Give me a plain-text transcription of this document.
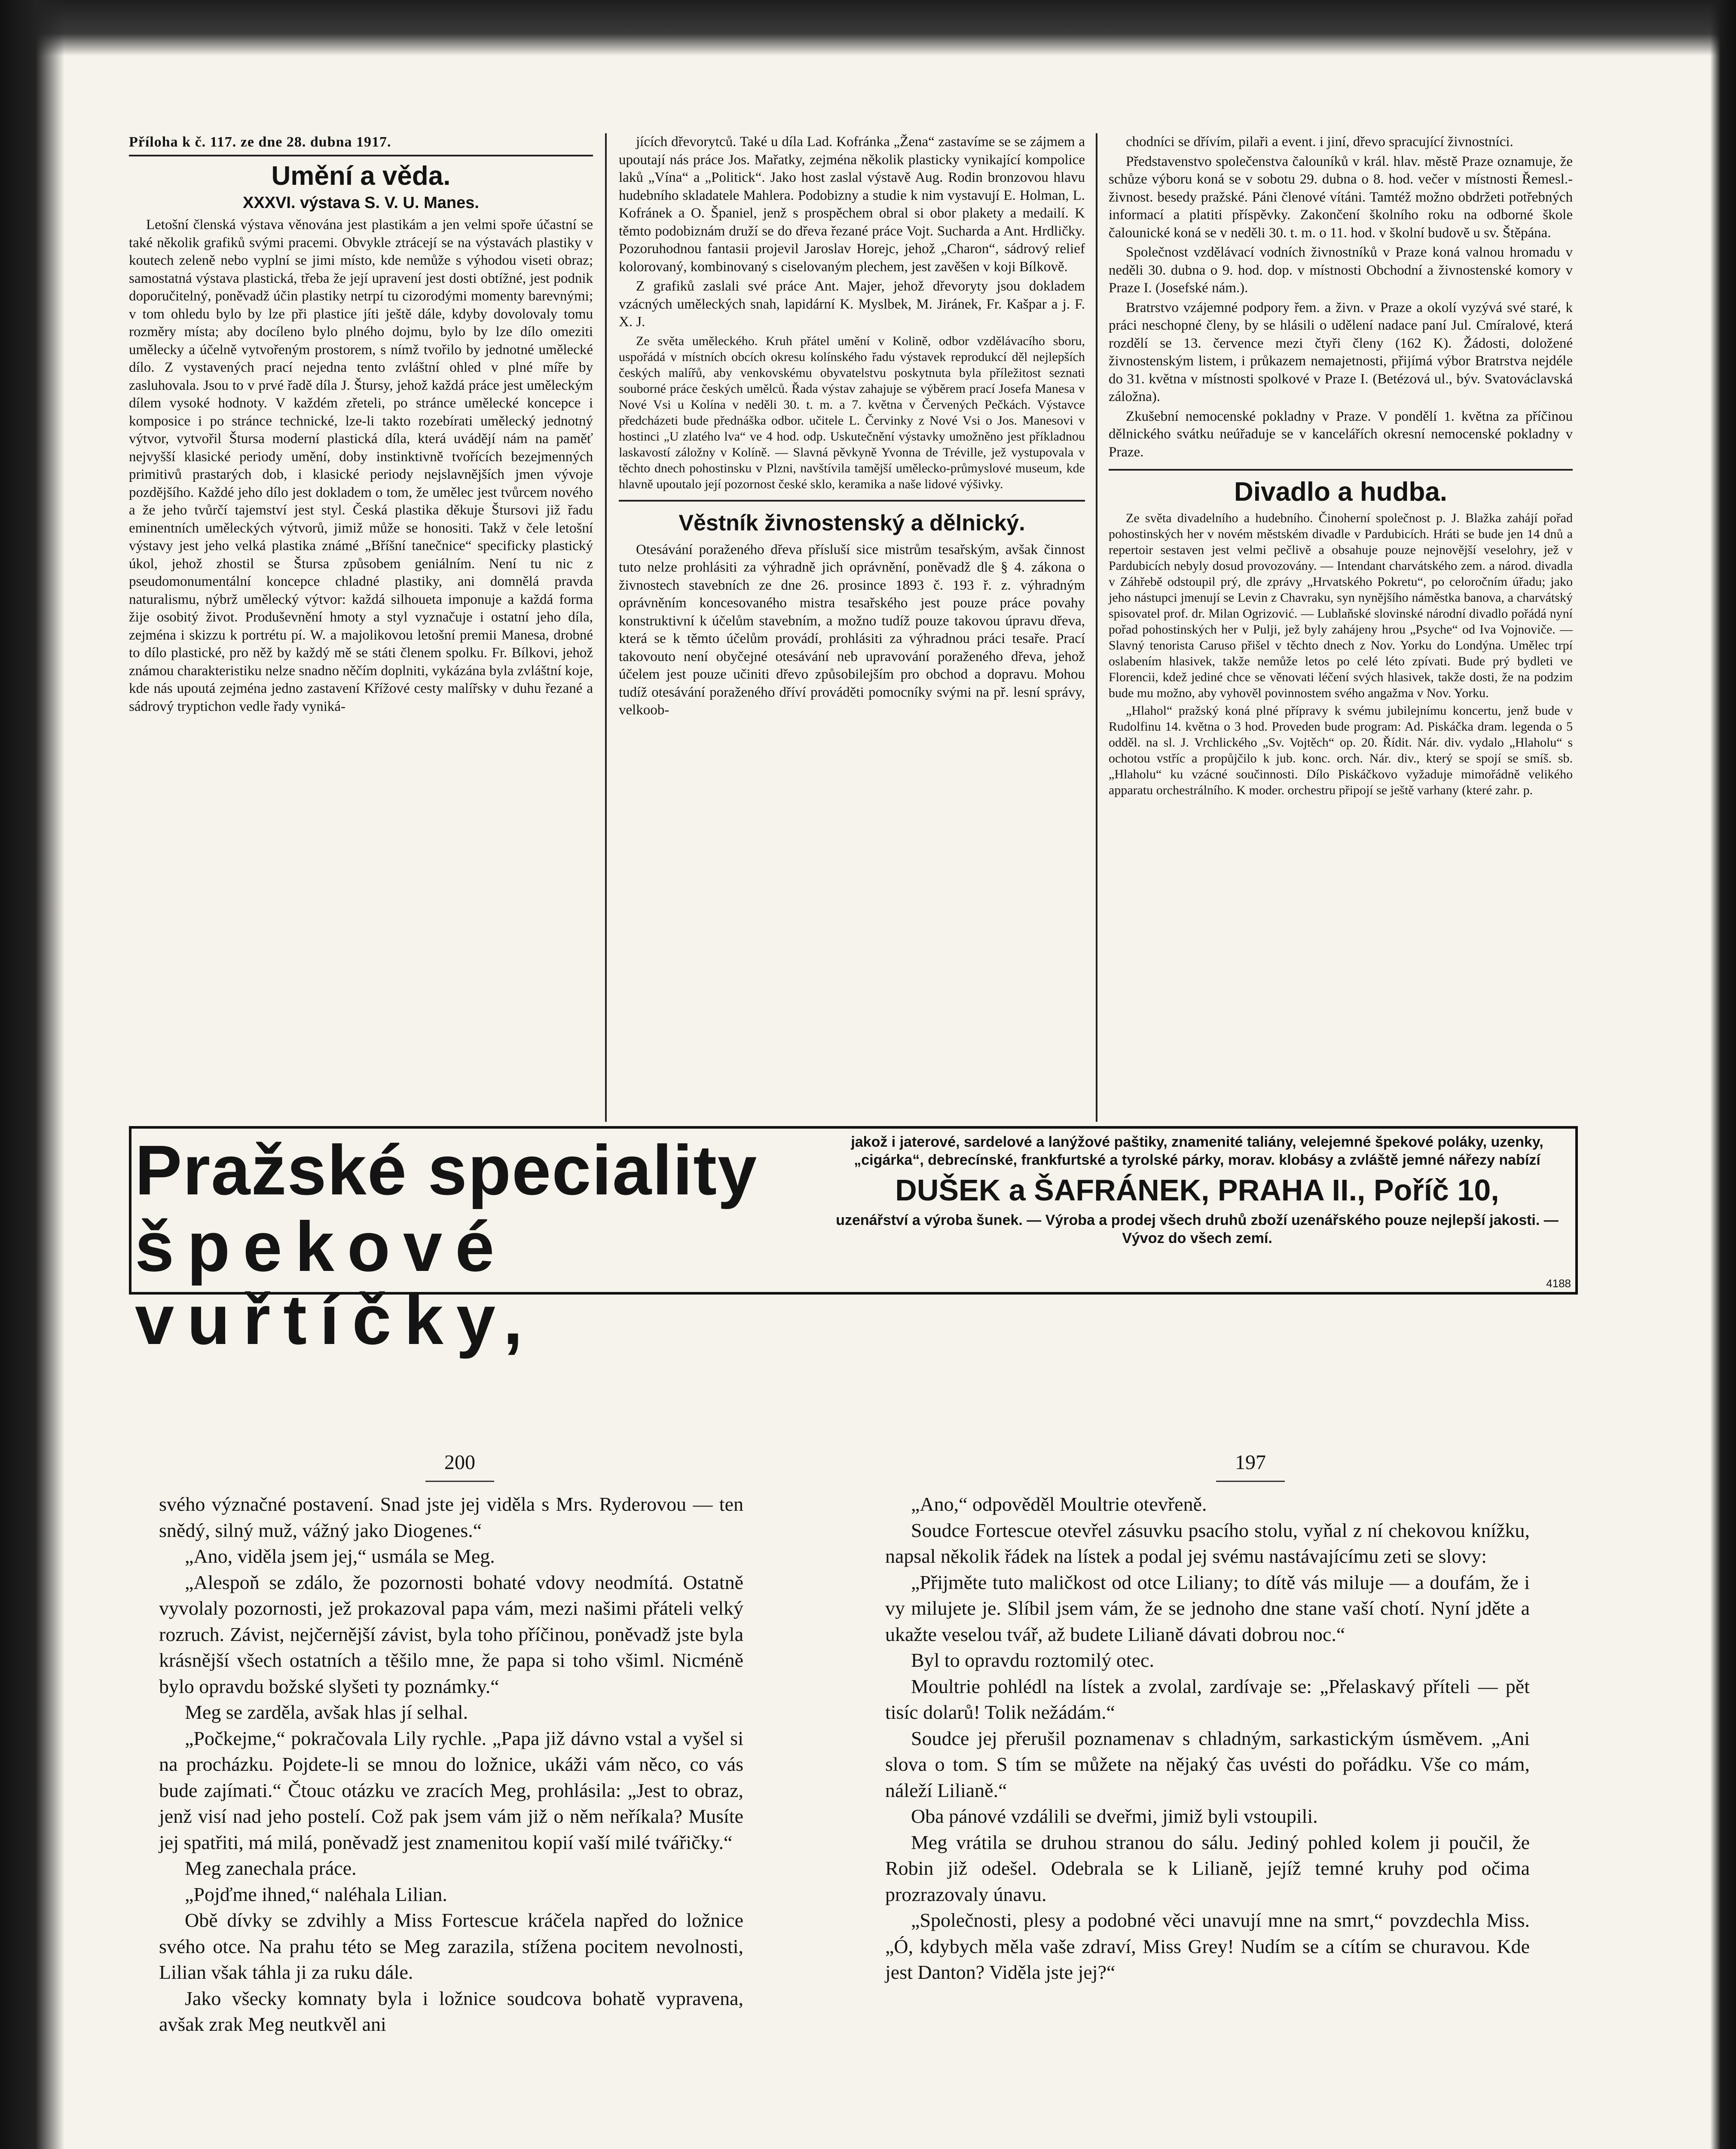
Příloha k č. 117. ze dne 28. dubna 1917.
Umění a věda.
XXXVI. výstava S. V. U. Manes.

Letošní členská výstava věnována jest plastikám a jen velmi spoře účastní se také několik grafiků svými pracemi. Obvykle ztrácejí se na výstavách plastiky v koutech zeleně nebo vyplní se jimi místo, kde nemůže s výhodou viseti obraz; samostatná výstava plastická, třeba že její upravení jest dosti obtížné, jest podnik doporučitelný, poněvadž účin plastiky netrpí tu cizorodými momenty barevnými; v tom ohledu bylo by lze při plastice jíti ještě dále, kdyby dovolovaly tomu rozměry místa; aby docíleno bylo plného dojmu, bylo by lze dílo omeziti umělecky a účelně vytvořeným prostorem, s nímž tvořilo by jednotné umělecké dílo. Z vystavených prací nejedna tento zvláštní ohled v plné míře by zasluhovala. Jsou to v prvé řadě díla J. Štursy, jehož každá práce jest uměleckým dílem vysoké hodnoty. V každém zřeteli, po stránce umělecké koncepce i komposice i po stránce technické, lze-li takto rozebírati umělecký jednotný výtvor, vytvořil Štursa moderní plastická díla, která uvádějí nám na paměť nejvyšší klasické periody umění, doby instinktivně tvořících bezejmenných primitivů prastarých dob, i klasické periody nejslavnějších jmen vývoje pozdějšího. Každé jeho dílo jest dokladem o tom, že umělec jest tvůrcem nového a že jeho tvůrčí tajemství jest styl. Česká plastika děkuje Štursovi již řadu eminentních uměleckých výtvorů, jimiž může se honositi. Takž v čele letošní výstavy jest jeho velká plastika známé „Bříšní tanečnice“ specificky plastický úkol, jehož zhostil se Štursa způsobem geniálním. Není tu nic z pseudomonumentální koncepce chladné plastiky, ani domnělá pravda naturalismu, nýbrž umělecký výtvor: každá silhoueta imponuje a každá forma žije osobitý život. Produševnění hmoty a styl vyznačuje i ostatní jeho díla, zejména i skizzu k portrétu pí. W. a majolikovou letošní premii Manesa, drobné to dílo plastické, pro něž by každý mě se státi členem spolku. Fr. Bílkovi, jehož známou charakteristiku nelze snadno něčím doplniti, vykázána byla zvláštní koje, kde nás upoutá zejména jedno zastavení Křížové cesty malířsky v duhu řezané a sádrový tryptichon vedle řady vyniká-

jících dřevorytců. Také u díla Lad. Kofránka „Žena“ zastavíme se se zájmem a upoutají nás práce Jos. Mařatky, zejména několik plasticky vynikající kompolice laků „Vína“ a „Politick“. Jako host zaslal výstavě Aug. Rodin bronzovou hlavu hudebního skladatele Mahlera. Podobizny a studie k nim vystavují E. Holman, L. Kofránek a O. Španiel, jenž s prospěchem obral si obor plakety a medailí. K těmto podobiznám druží se do dřeva řezané práce Vojt. Sucharda a Ant. Hrdličky. Pozoruhodnou fantasii projevil Jaroslav Horejc, jehož „Charon“, sádrový relief kolorovaný, kombinovaný s ciselovaným plechem, jest zavěšen v koji Bílkově.

Z grafiků zaslali své práce Ant. Majer, jehož dřevoryty jsou dokladem vzácných uměleckých snah, lapidární K. Myslbek, M. Jiránek, Fr. Kašpar a j. F. X. J.

Ze světa uměleckého. Kruh přátel umění v Kolině, odbor vzdělávacího sboru, uspořádá v místních obcích okresu kolínského řadu výstavek reprodukcí děl nejlepších českých malířů, aby venkovskému obyvatelstvu poskytnuta byla příležitost seznati souborné práce českých umělců. Řada výstav zahajuje se výběrem prací Josefa Manesa v Nové Vsi u Kolína v neděli 30. t. m. a 7. května v Červených Pečkách. Výstavce předcházeti bude přednáška odbor. učitele L. Červinky z Nové Vsi o Jos. Manesovi v hostinci „U zlatého lva“ ve 4 hod. odp. Uskutečnění výstavky umožněno jest příkladnou laskavostí záložny v Kolíně. — Slavná pěvkyně Yvonna de Tréville, jež vystupovala v těchto dnech pohostinsku v Plzni, navštívila tamější umělecko-průmyslové museum, kde hlavně upoutalo její pozornost české sklo, keramika a naše lidové výšivky.

Věstník živnostenský a dělnický.

Otesávání poraženého dřeva přísluší sice mistrům tesařským, avšak činnost tuto nelze prohlásiti za výhradně jich oprávnění, poněvadž dle § 4. zákona o živnostech stavebních ze dne 26. prosince 1893 č. 193 ř. z. výhradným oprávněním koncesovaného mistra tesařského jest pouze práce povahy konstruktivní k účelům stavebním, a možno tudíž pouze takovou úpravu dřeva, která se k těmto účelům provádí, prohlásiti za výhradnou práci tesaře. Prací takovouto není obyčejné otesávání neb upravování poraženého dřeva, jehož účelem jest pouze učiniti dřevo způsobilejším pro obchod a dopravu. Mohou tudíž otesávání poraženého dříví prováděti pomocníky svými na př. lesní správy, velkoob-

chodníci se dřívím, pilaři a event. i jiní, dřevo spracující živnostníci.

Představenstvo společenstva čalouníků v král. hlav. městě Praze oznamuje, že schůze výboru koná se v sobotu 29. dubna o 8. hod. večer v místnosti Řemesl.-živnost. besedy pražské. Páni členové vítáni. Tamtéž možno obdržeti potřebných informací a platiti příspěvky. Zakončení školního roku na odborné škole čalounické koná se v neděli 30. t. m. o 11. hod. v školní budově u sv. Štěpána.

Společnost vzdělávací vodních živnostníků v Praze koná valnou hromadu v neděli 30. dubna o 9. hod. dop. v místnosti Obchodní a živnostenské komory v Praze I. (Josefské nám.).

Bratrstvo vzájemné podpory řem. a živn. v Praze a okolí vyzývá své staré, k práci neschopné členy, by se hlásili o udělení nadace paní Jul. Cmíralové, která rozdělí se 13. července mezi čtyři členy (162 K). Žádosti, doložené živnostenským listem, i průkazem nemajetnosti, přijímá výbor Bratrstva nejdéle do 31. května v místnosti spolkové v Praze I. (Betézová ul., býv. Svatováclavská záložna).

Zkušební nemocenské pokladny v Praze. V pondělí 1. května za příčinou dělnického svátku neúřaduje se v kancelářích okresní nemocenské pokladny v Praze.

Divadlo a hudba.

Ze světa divadelního a hudebního. Činoherní společnost p. J. Blažka zahájí pořad pohostinských her v novém městském divadle v Pardubicích. Hráti se bude jen 14 dnů a repertoir sestaven jest velmi pečlivě a obsahuje pouze nejnovější veselohry, jež v Pardubicích nebyly dosud provozovány. — Intendant charvátského zem. a národ. divadla v Záhřebě odstoupil prý, dle zprávy „Hrvatského Pokretu“, po celoročním úřadu; jako jeho nástupci jmenují se Levin z Chavraku, syn nynějšího náměstka banova, a charvátský spisovatel prof. dr. Milan Ogrizović. — Lublaňské slovinské národní divadlo pořádá nyní pořad pohostinských her v Pulji, jež byly zahájeny hrou „Psyche“ od Iva Vojnoviče. — Slavný tenorista Caruso přišel v těchto dnech z Nov. Yorku do Londýna. Umělec trpí oslabením hlasivek, takže nemůže letos po celé léto zpívati. Bude prý bydleti ve Florencii, kdež jediné chce se věnovati léčení svých hlasivek, takže dosti, že na podzim bude mu možno, aby vyhověl povinnostem svého angažma v Nov. Yorku.

„Hlahol“ pražský koná plné přípravy k svému jubilejnímu koncertu, jenž bude v Rudolfinu 14. května o 3 hod. Proveden bude program: Ad. Piskáčka dram. legenda o 5 odděl. na sl. J. Vrchlického „Sv. Vojtěch“ op. 20. Řídit. Nár. div. vydalo „Hlaholu“ s ochotou vstříc a propůjčilo k jub. konc. orch. Nár. div., který se spojí se smíš. sb. „Hlaholu“ ku vzácné součinnosti. Dílo Piskáčkovo vyžaduje mimořádně velikého apparatu orchestrálního. K moder. orchestru připojí se ještě varhany (které zahr. p.

Pražské speciality
špekové vuřtíčky,
jakož i jaterové, sardelové a lanýžové paštiky, znamenité taliány, velejemné špekové poláky, uzenky, „cigárka“, debrecínské, frankfurtské a tyrolské párky, morav. klobásy a zvláště jemné nářezy nabízí
DUŠEK a ŠAFRÁNEK, PRAHA II., Poříč 10,
uzenářství a výroba šunek. — Výroba a prodej všech druhů zboží uzenářského pouze nejlepší jakosti. — Vývoz do všech zemí.
4188
200	197

svého význačné postavení. Snad jste jej viděla s Mrs. Ryderovou — ten snědý, silný muž, vážný jako Diogenes.“

„Ano, viděla jsem jej,“ usmála se Meg.

„Alespoň se zdálo, že pozornosti bohaté vdovy neodmítá. Ostatně vyvolaly pozornosti, jež prokazoval papa vám, mezi našimi přáteli velký rozruch. Závist, nejčernější závist, byla toho příčinou, poněvadž jste byla krásnější všech ostatních a těšilo mne, že papa si toho všiml. Nicméně bylo opravdu božské slyšeti ty poznámky.“

Meg se zarděla, avšak hlas jí selhal.

„Počkejme,“ pokračovala Lily rychle. „Papa již dávno vstal a vyšel si na procházku. Pojdete-li se mnou do ložnice, ukáži vám něco, co vás bude zajímati.“ Čtouc otázku ve zracích Meg, prohlásila: „Jest to obraz, jenž visí nad jeho postelí. Což pak jsem vám již o něm neříkala? Musíte jej spatřiti, má milá, poněvadž jest znamenitou kopií vaší milé tvářičky.“

Meg zanechala práce.

„Pojďme ihned,“ naléhala Lilian.

Obě dívky se zdvihly a Miss Fortescue kráčela napřed do ložnice svého otce. Na prahu této se Meg zarazila, stížena pocitem nevolnosti, Lilian však táhla ji za ruku dále.

Jako všecky komnaty byla i ložnice soudcova bohatě vypravena, avšak zrak Meg neutkvěl ani

„Ano,“ odpověděl Moultrie otevřeně.

Soudce Fortescue otevřel zásuvku psacího stolu, vyňal z ní chekovou knížku, napsal několik řádek na lístek a podal jej svému nastávajícímu zeti se slovy:

„Přijměte tuto maličkost od otce Liliany; to dítě vás miluje — a doufám, že i vy milujete je. Slíbil jsem vám, že se jednoho dne stane vaší chotí. Nyní jděte a ukažte veselou tvář, až budete Lilianě dávati dobrou noc.“

Byl to opravdu roztomilý otec.

Moultrie pohlédl na lístek a zvolal, zardívaje se: „Přelaskavý příteli — pět tisíc dolarů! Tolik nežádám.“

Soudce jej přerušil poznamenav s chladným, sarkastickým úsměvem. „Ani slova o tom. S tím se můžete na nějaký čas uvésti do pořádku. Vše co mám, náleží Lilianě.“

Oba pánové vzdálili se dveřmi, jimiž byli vstoupili.

Meg vrátila se druhou stranou do sálu. Jediný pohled kolem ji poučil, že Robin již odešel. Odebrala se k Lilianě, jejíž temné kruhy pod očima prozrazovaly únavu.

„Společnosti, plesy a podobné věci unavují mne na smrt,“ povzdechla Miss. „Ó, kdybych měla vaše zdraví, Miss Grey! Nudím se a cítím se churavou. Kde jest Danton? Viděla jste jej?“
